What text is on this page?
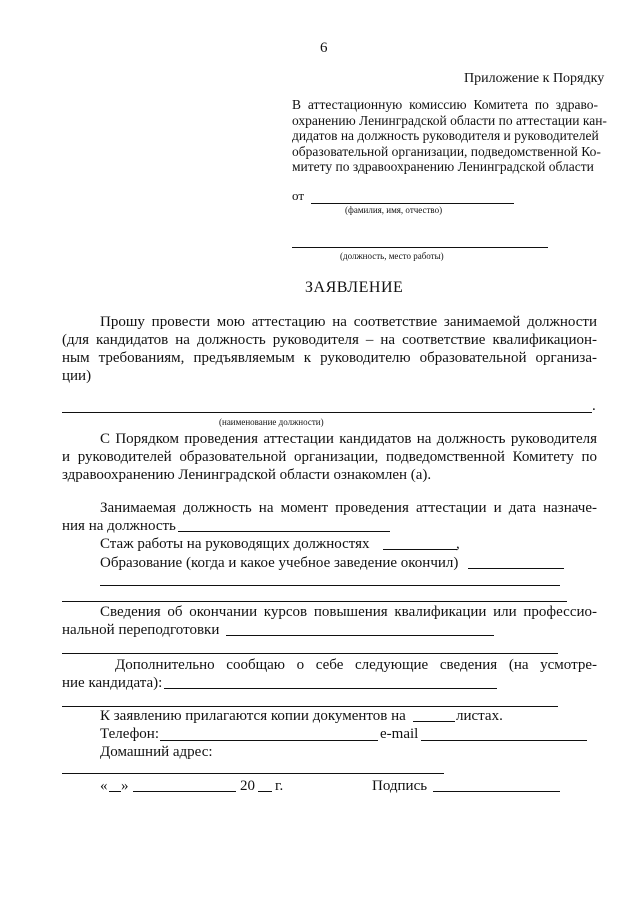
6
Приложение к Порядку
В аттестационную комиссию Комитета по здраво-
охранению Ленинградской области по аттестации кан-
дидатов на должность руководителя и руководителей
образовательной организации, подведомственной Ко-
митету по здравоохранению Ленинградской области
от
(фамилия, имя, отчество)
(должность, место работы)
ЗАЯВЛЕНИЕ
Прошу провести мою аттестацию на соответствие занимаемой должности
(для кандидатов на должность руководителя – на соответствие квалификацион-
ным требованиям, предъявляемым к руководителю образовательной организа-
ции)
.
(наименование должности)
С Порядком проведения аттестации кандидатов на должность руководителя
и руководителей образовательной организации, подведомственной Комитету по
здравоохранению Ленинградской области ознакомлен (а).
Занимаемая должность на момент проведения аттестации и дата назначе-
ния на должность
Стаж работы на руководящих должностях	,
Образование (когда и какое учебное заведение окончил)
Сведения об окончании курсов повышения квалификации или профессио-
нальной переподготовки
Дополнительно сообщаю о себе следующие сведения (на усмотре-
ние кандидата):
К заявлению прилагаются копии документов на	листах.
Телефон:	e-mail
Домашний адрес:
« »	20 г.	Подпись
